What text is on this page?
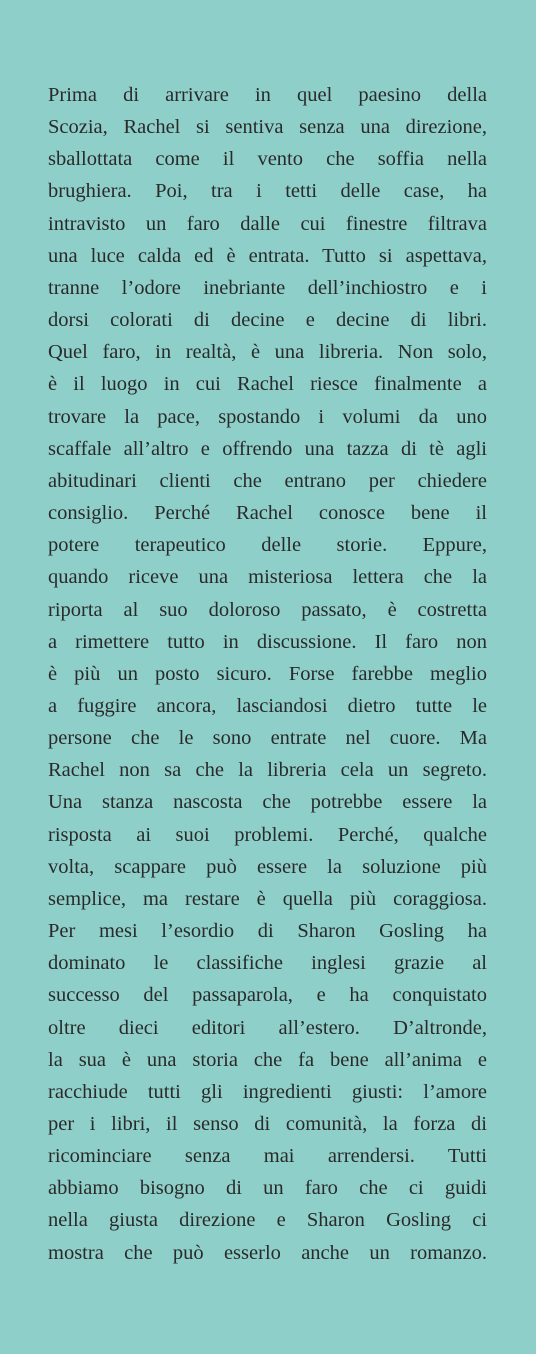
Prima di arrivare in quel paesino della
Scozia, Rachel si sentiva senza una direzione,
sballottata come il vento che soffia nella
brughiera. Poi, tra i tetti delle case, ha
intravisto un faro dalle cui finestre filtrava
una luce calda ed è entrata. Tutto si aspettava,
tranne l’odore inebriante dell’inchiostro e i
dorsi colorati di decine e decine di libri.
Quel faro, in realtà, è una libreria. Non solo,
è il luogo in cui Rachel riesce finalmente a
trovare la pace, spostando i volumi da uno
scaffale all’altro e offrendo una tazza di tè agli
abitudinari clienti che entrano per chiedere
consiglio. Perché Rachel conosce bene il
potere terapeutico delle storie. Eppure,
quando riceve una misteriosa lettera che la
riporta al suo doloroso passato, è costretta
a rimettere tutto in discussione. Il faro non
è più un posto sicuro. Forse farebbe meglio
a fuggire ancora, lasciandosi dietro tutte le
persone che le sono entrate nel cuore. Ma
Rachel non sa che la libreria cela un segreto.
Una stanza nascosta che potrebbe essere la
risposta ai suoi problemi. Perché, qualche
volta, scappare può essere la soluzione più
semplice, ma restare è quella più coraggiosa.
Per mesi l’esordio di Sharon Gosling ha
dominato le classifiche inglesi grazie al
successo del passaparola, e ha conquistato
oltre dieci editori all’estero. D’altronde,
la sua è una storia che fa bene all’anima e
racchiude tutti gli ingredienti giusti: l’amore
per i libri, il senso di comunità, la forza di
ricominciare senza mai arrendersi. Tutti
abbiamo bisogno di un faro che ci guidi
nella giusta direzione e Sharon Gosling ci
mostra che può esserlo anche un romanzo.
